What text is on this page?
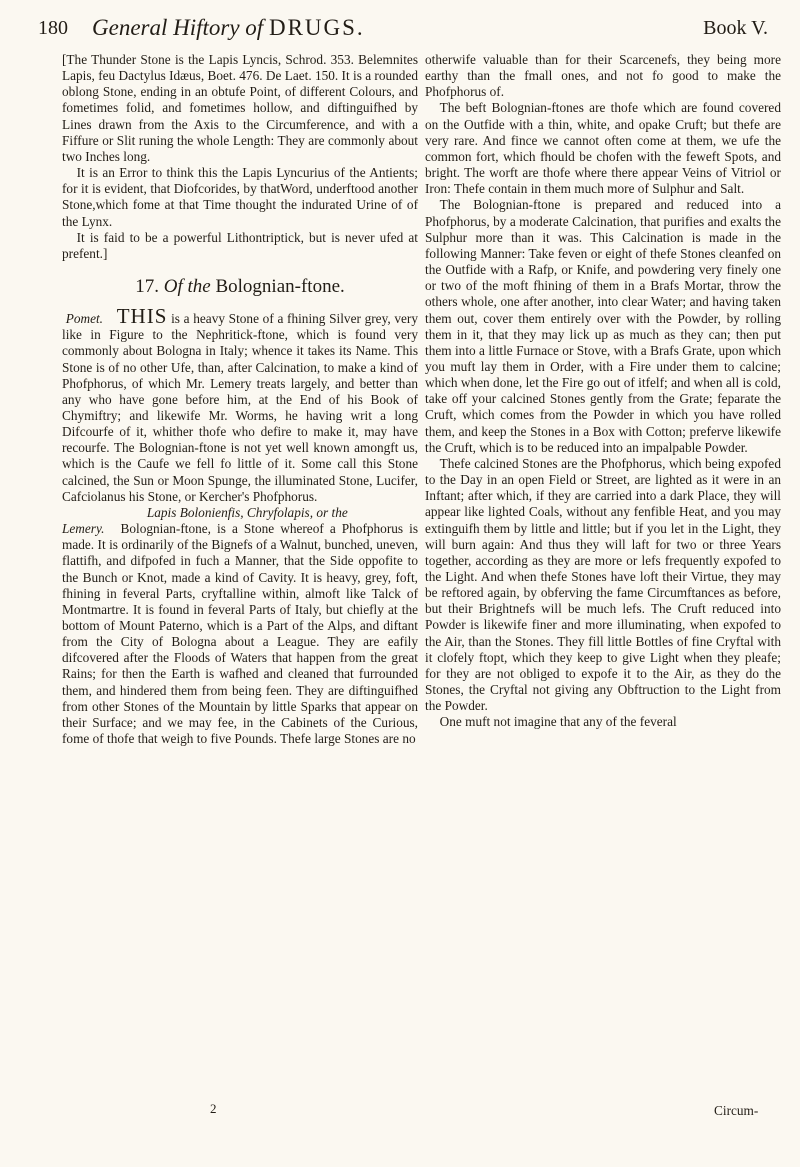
180 General Hiftory of DRUGS.	Book V.

[The Thunder Stone is the Lapis Lyncis, Schrod. 353. Belemnites Lapis, feu Dactylus Idæus, Boet. 476. De Laet. 150. It is a rounded oblong Stone, ending in an obtufe Point, of different Colours, and fometimes folid, and fometimes hollow, and diftinguifhed by Lines drawn from the Axis to the Circumference, and with a Fiffure or Slit runing the whole Length: They are commonly about two Inches long.

It is an Error to think this the Lapis Lyncurius of the Antients; for it is evident, that Diofcorides, by thatWord, underftood another Stone,which fome at that Time thought the indurated Urine of of the Lynx.

It is faid to be a powerful Lithontriptick, but is never ufed at prefent.]

17. Of the Bolognian-ftone.

Pomet. THIS is a heavy Stone of a fhining Silver grey, very like in Figure to the Nephritick-ftone, which is found very commonly about Bologna in Italy; whence it takes its Name. This Stone is of no other Ufe, than, after Calcination, to make a kind of Phofphorus, of which Mr. Lemery treats largely, and better than any who have gone before him, at the End of his Book of Chymiftry; and likewife Mr. Worms, he having writ a long Difcourfe of it, whither thofe who defire to make it, may have recourfe. The Bolognian-ftone is not yet well known amongft us, which is the Caufe we fell fo little of it. Some call this Stone calcined, the Sun or Moon Spunge, the illuminated Stone, Lucifer, Cafciolanus his Stone, or Kercher's Phofphorus.

Lapis Bolonienfis, Chryfolapis, or the

Lemery. Bolognian-ftone, is a Stone whereof a Phofphorus is made. It is ordinarily of the Bignefs of a Walnut, bunched, uneven, flattifh, and difpofed in fuch a Manner, that the Side oppofite to the Bunch or Knot, made a kind of Cavity. It is heavy, grey, foft, fhining in feveral Parts, cryftalline within, almoft like Talck of Montmartre. It is found in feveral Parts of Italy, but chiefly at the bottom of Mount Paterno, which is a Part of the Alps, and diftant from the City of Bologna about a League. They are eafily difcovered after the Floods of Waters that happen from the great Rains; for then the Earth is wafhed and cleaned that furrounded them, and hindered them from being feen. They are diftinguifhed from other Stones of the Mountain by little Sparks that appear on their Surface; and we may fee, in the Cabinets of the Curious, fome of thofe that weigh to five Pounds. Thefe large Stones are no

2

otherwife valuable than for their Scarcenefs, they being more earthy than the fmall ones, and not fo good to make the Phofphorus of.

The beft Bolognian-ftones are thofe which are found covered on the Outfide with a thin, white, and opake Cruft; but thefe are very rare. And fince we cannot often come at them, we ufe the common fort, which fhould be chofen with the feweft Spots, and bright. The worft are thofe where there appear Veins of Vitriol or Iron: Thefe contain in them much more of Sulphur and Salt.

The Bolognian-ftone is prepared and reduced into a Phofphorus, by a moderate Calcination, that purifies and exalts the Sulphur more than it was. This Calcination is made in the following Manner: Take feven or eight of thefe Stones cleanfed on the Outfide with a Rafp, or Knife, and powdering very finely one or two of the moft fhining of them in a Brafs Mortar, throw the others whole, one after another, into clear Water; and having taken them out, cover them entirely over with the Powder, by rolling them in it, that they may lick up as much as they can; then put them into a little Furnace or Stove, with a Brafs Grate, upon which you muft lay them in Order, with a Fire under them to calcine; which when done, let the Fire go out of itfelf; and when all is cold, take off your calcined Stones gently from the Grate; feparate the Cruft, which comes from the Powder in which you have rolled them, and keep the Stones in a Box with Cotton; preferve likewife the Cruft, which is to be reduced into an impalpable Powder.

Thefe calcined Stones are the Phofphorus, which being expofed to the Day in an open Field or Street, are lighted as it were in an Inftant; after which, if they are carried into a dark Place, they will appear like lighted Coals, without any fenfible Heat, and you may extinguifh them by little and little; but if you let in the Light, they will burn again: And thus they will laft for two or three Years together, according as they are more or lefs frequently expofed to the Light. And when thefe Stones have loft their Virtue, they may be reftored again, by obferving the fame Circumftances as before, but their Brightnefs will be much lefs. The Cruft reduced into Powder is likewife finer and more illuminating, when expofed to the Air, than the Stones. They fill little Bottles of fine Cryftal with it clofely ftopt, which they keep to give Light when they pleafe; for they are not obliged to expofe it to the Air, as they do the Stones, the Cryftal not giving any Obftruction to the Light from the Powder.

One muft not imagine that any of the feveral

Circum-
